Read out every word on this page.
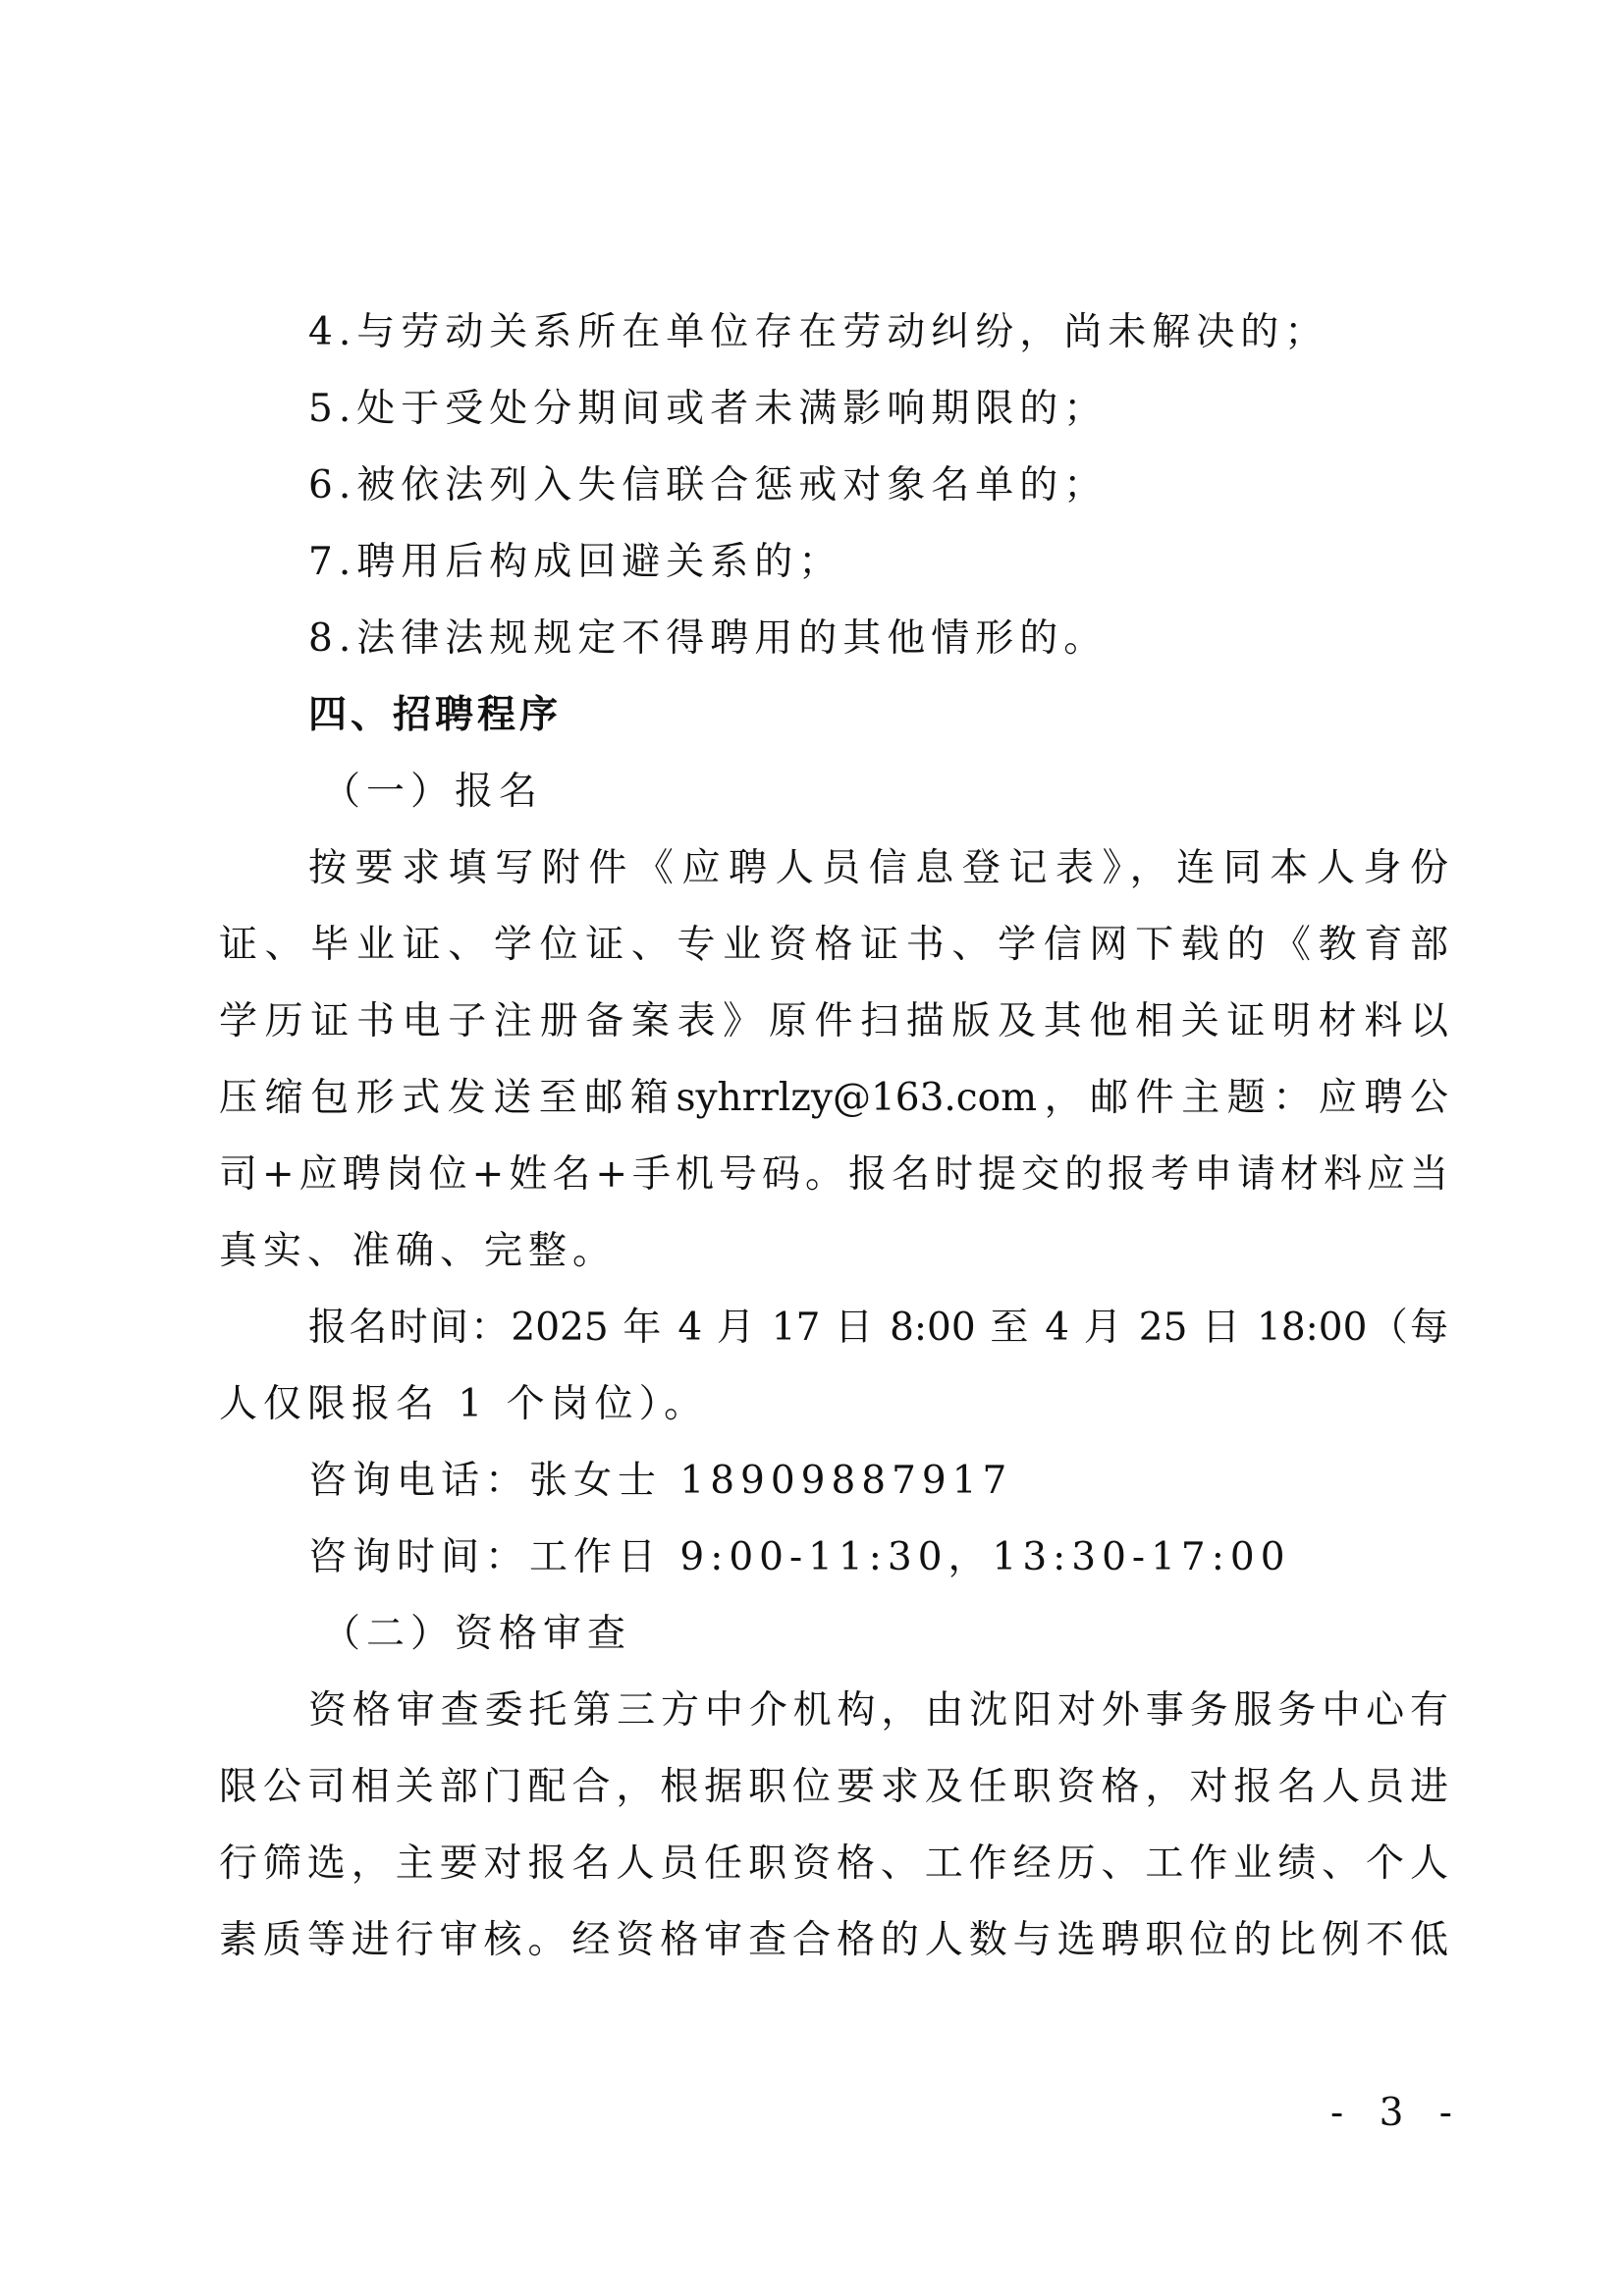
4.与劳动关系所在单位存在劳动纠纷，尚未解决的；
5.处于受处分期间或者未满影响期限的；
6.被依法列入失信联合惩戒对象名单的；
7.聘用后构成回避关系的；
8.法律法规规定不得聘用的其他情形的。
四、招聘程序
（一）报名
按要求填写附件《应聘人员信息登记表》，连同本人身份
证、毕业证、学位证、专业资格证书、学信网下载的《教育部
学历证书电子注册备案表》原件扫描版及其他相关证明材料以
压缩包形式发送至邮箱syhrrlzy@163.com，邮件主题：应聘公
司+应聘岗位+姓名+手机号码。报名时提交的报考申请材料应当
真实、准确、完整。
报名时间：2025 年 4 月 17 日 8:00 至 4 月 25 日 18:00（每
人仅限报名 1 个岗位）。
咨询电话：张女士 18909887917
咨询时间：工作日 9:00-11:30，13:30-17:00
（二）资格审查
资格审查委托第三方中介机构，由沈阳对外事务服务中心有
限公司相关部门配合，根据职位要求及任职资格，对报名人员进
行筛选，主要对报名人员任职资格、工作经历、工作业绩、个人
素质等进行审核。经资格审查合格的人数与选聘职位的比例不低
- 3 -
